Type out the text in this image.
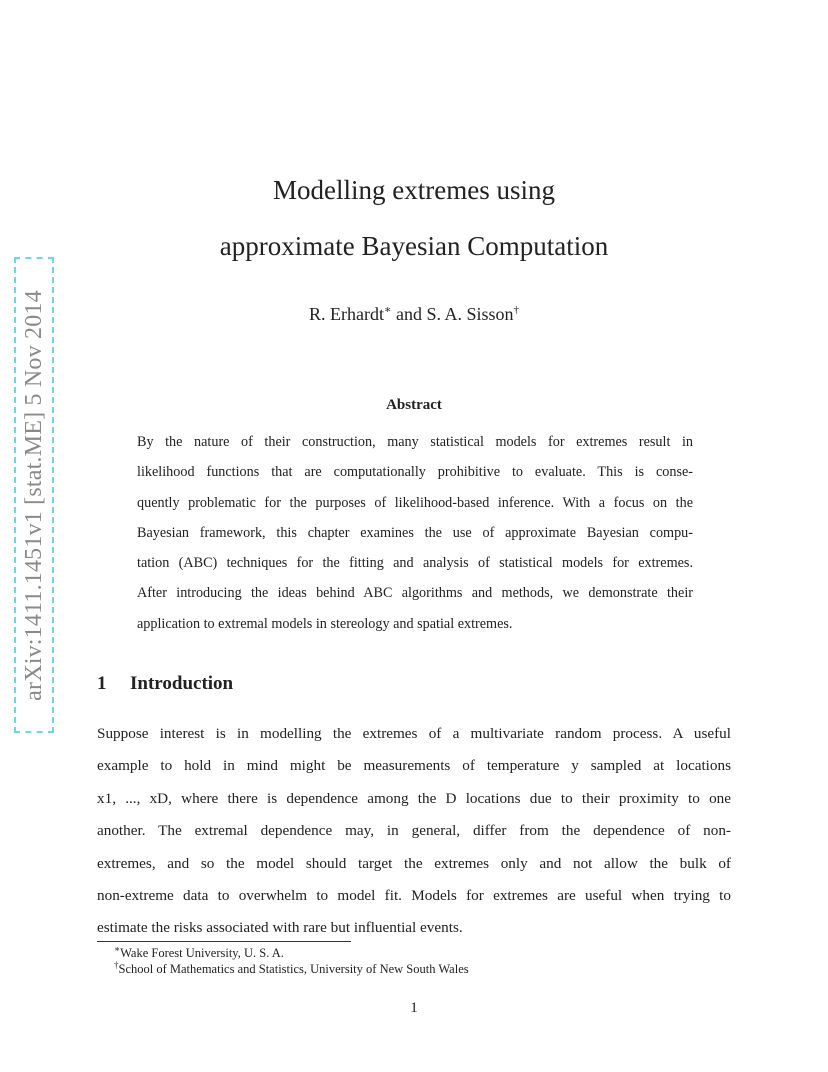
arXiv:1411.1451v1 [stat.ME] 5 Nov 2014
Modelling extremes using
approximate Bayesian Computation
R. Erhardt∗ and S. A. Sisson†
Abstract
By the nature of their construction, many statistical models for extremes result in
likelihood functions that are computationally prohibitive to evaluate. This is conse-
quently problematic for the purposes of likelihood-based inference. With a focus on the
Bayesian framework, this chapter examines the use of approximate Bayesian compu-
tation (ABC) techniques for the fitting and analysis of statistical models for extremes.
After introducing the ideas behind ABC algorithms and methods, we demonstrate their
application to extremal models in stereology and spatial extremes.
1 Introduction
Suppose interest is in modelling the extremes of a multivariate random process. A useful
example to hold in mind might be measurements of temperature y sampled at locations
x1, ..., xD, where there is dependence among the D locations due to their proximity to one
another. The extremal dependence may, in general, differ from the dependence of non-
extremes, and so the model should target the extremes only and not allow the bulk of
non-extreme data to overwhelm to model fit. Models for extremes are useful when trying to
estimate the risks associated with rare but influential events.
∗Wake Forest University, U. S. A.
†School of Mathematics and Statistics, University of New South Wales
1
